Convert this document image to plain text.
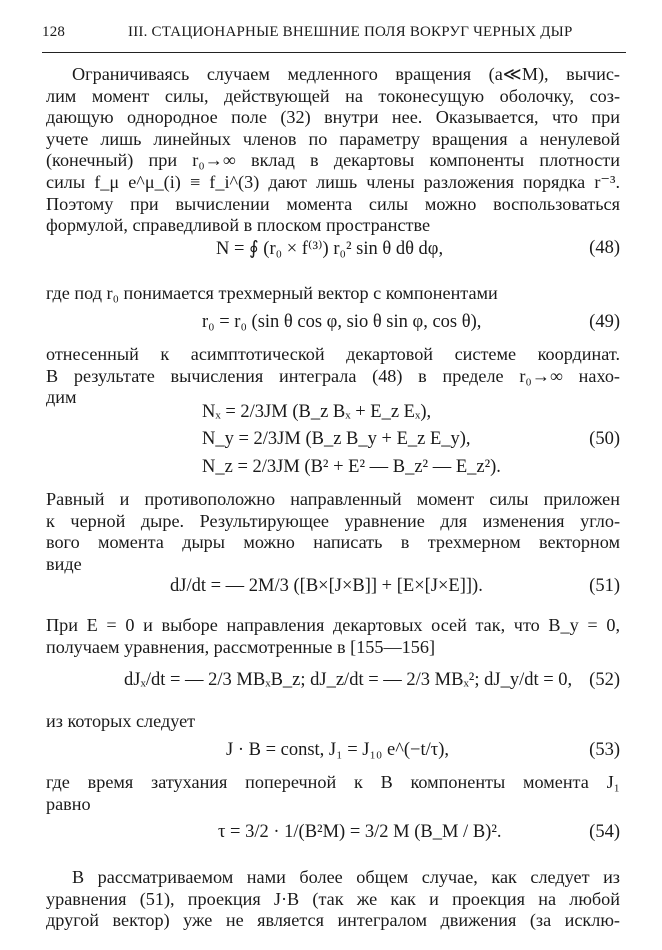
128	III. СТАЦИОНАРНЫЕ ВНЕШНИЕ ПОЛЯ ВОКРУГ ЧЕРНЫХ ДЫР
Ограничиваясь случаем медленного вращения (a≪M), вычис-
лим момент силы, действующей на токонесущую оболочку, соз-
дающую однородное поле (32) внутри нее. Оказывается, что при
учете лишь линейных членов по параметру вращения a ненулевой
(конечный) при r₀→∞ вклад в декартовы компоненты плотности
силы f_μ e^μ_(i) ≡ f_i^(3) дают лишь члены разложения порядка r⁻³.
Поэтому при вычислении момента силы можно воспользоваться
формулой, справедливой в плоском пространстве
N = ∮ (r₀ × f⁽³⁾) r₀² sin θ dθ dφ,	(48)
где под r₀ понимается трехмерный вектор с компонентами
r₀ = r₀ (sin θ cos φ, sio θ sin φ, cos θ),	(49)
отнесенный к асимптотической декартовой системе координат.
В результате вычисления интеграла (48) в пределе r₀→∞ нахо-
дим
Nₓ = 2/3JM (B_z Bₓ + E_z Eₓ),
N_y = 2/3JM (B_z B_y + E_z E_y),
N_z = 2/3JM (B² + E² — B_z² — E_z²).
(50)
Равный и противоположно направленный момент силы приложен
к черной дыре. Результирующее уравнение для изменения угло-
вого момента дыры можно написать в трехмерном векторном
виде
dJ/dt = — 2M/3 ([B×[J×B]] + [E×[J×E]]).	(51)
При E = 0 и выборе направления декартовых осей так, что B_y = 0,
получаем уравнения, рассмотренные в [155—156]
dJₓ/dt = — 2/3 MBₓB_z; dJ_z/dt = — 2/3 MBₓ²; dJ_y/dt = 0, (52)
из которых следует
J · B = const, J₁ = J₁₀ e^(−t/τ),	(53)
где время затухания поперечной к B компоненты момента J₁
равно
τ = 3/2 · 1/(B²M) = 3/2 M (B_M / B)².	(54)
В рассматриваемом нами более общем случае, как следует из
уравнения (51), проекция J·B (так же как и проекция на любой
другой вектор) уже не является интегралом движения (за исклю-
